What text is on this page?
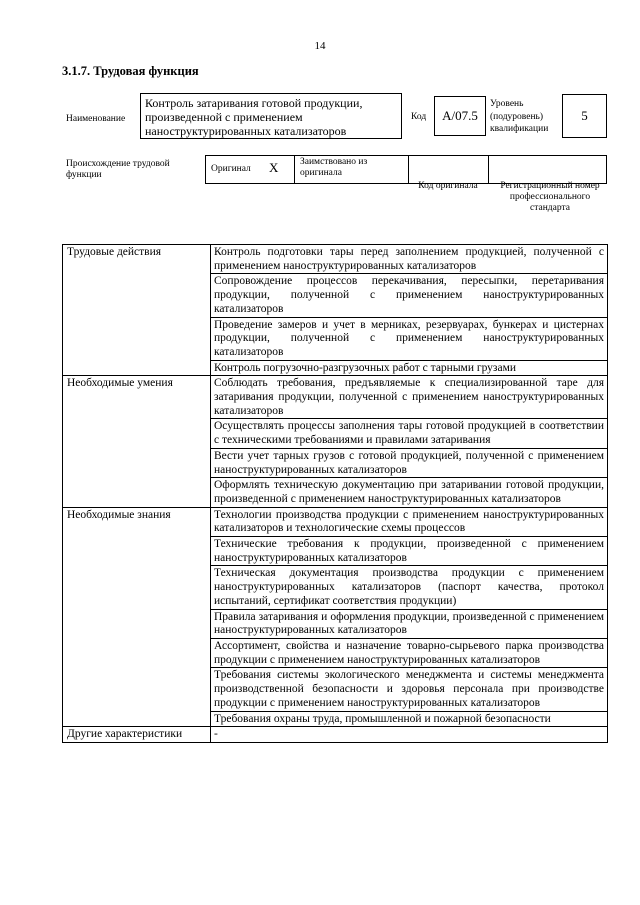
14
3.1.7. Трудовая функция
Наименование
Контроль затаривания готовой продукции, произведенной с применением наноструктурированных катализаторов
Код	А/07.5
Уровень (подуровень) квалификации
5
Происхождение трудовой функции
Оригинал Х Заимствовано из оригинала
Код оригинала	Регистрационный номер профессионального стандарта
Трудовые действия	Контроль подготовки тары перед заполнением продукцией, полученной с применением наноструктурированных катализаторов
	Сопровождение процессов перекачивания, пересыпки, перетаривания продукции, полученной с применением наноструктурированных катализаторов
	Проведение замеров и учет в мерниках, резервуарах, бункерах и цистернах продукции, полученной с применением наноструктурированных катализаторов
	Контроль погрузочно-разгрузочных работ с тарными грузами
Необходимые умения	Соблюдать требования, предъявляемые к специализированной таре для затаривания продукции, полученной с применением наноструктурированных катализаторов
	Осуществлять процессы заполнения тары готовой продукцией в соответствии с техническими требованиями и правилами затаривания
	Вести учет тарных грузов с готовой продукцией, полученной с применением наноструктурированных катализаторов
	Оформлять техническую документацию при затаривании готовой продукции, произведенной с применением наноструктурированных катализаторов
Необходимые знания	Технологии производства продукции с применением наноструктурированных катализаторов и технологические схемы процессов
	Технические требования к продукции, произведенной с применением наноструктурированных катализаторов
	Техническая документация производства продукции с применением наноструктурированных катализаторов (паспорт качества, протокол испытаний, сертификат соответствия продукции)
	Правила затаривания и оформления продукции, произведенной с применением наноструктурированных катализаторов
	Ассортимент, свойства и назначение товарно-сырьевого парка производства продукции с применением наноструктурированных катализаторов
	Требования системы экологического менеджмента и системы менеджмента производственной безопасности и здоровья персонала при производстве продукции с применением наноструктурированных катализаторов
	Требования охраны труда, промышленной и пожарной безопасности
Другие характеристики	-
